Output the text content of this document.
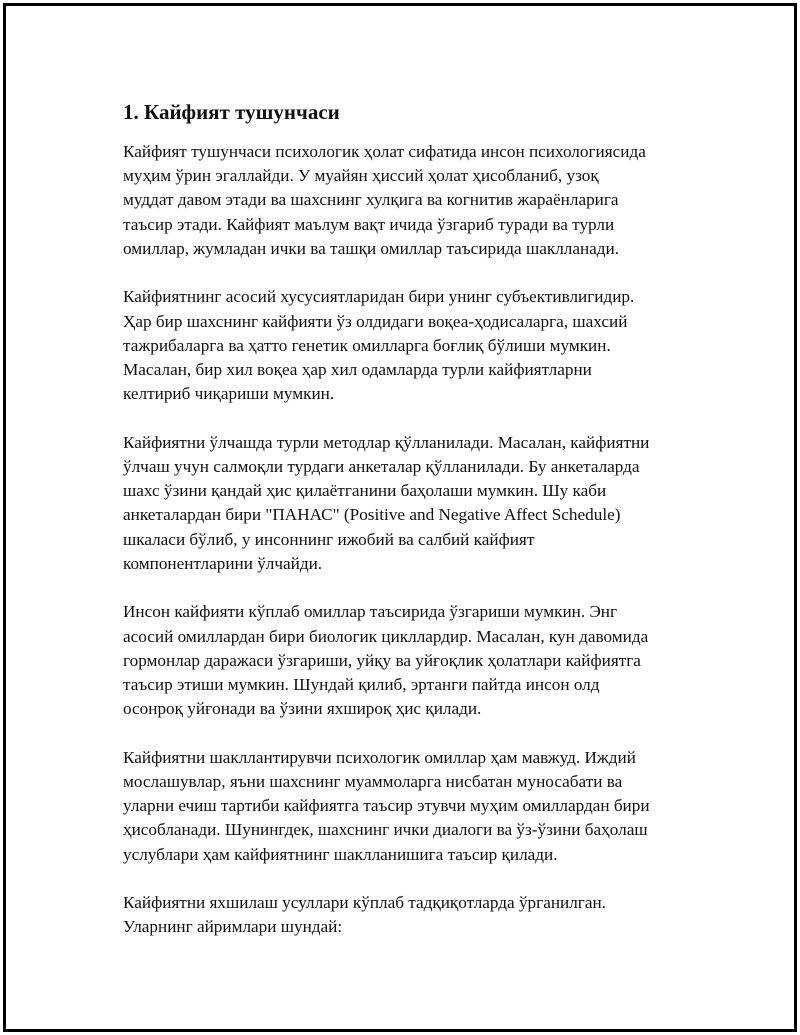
1. Кайфият тушунчаси

Кайфият тушунчаси психологик ҳолат сифатида инсон психологиясида
муҳим ўрин эгаллайди. У муайян ҳиссий ҳолат ҳисобланиб, узоқ
муддат давом этади ва шахснинг хулқига ва когнитив жараёнларига
таъсир этади. Кайфият маълум вақт ичида ўзгариб туради ва турли
омиллар, жумладан ички ва ташқи омиллар таъсирида шаклланади.

Кайфиятнинг асосий хусусиятларидан бири унинг субъективлигидир.
Ҳар бир шахснинг кайфияти ўз олдидаги воқеа-ҳодисаларга, шахсий
тажрибаларга ва ҳатто генетик омилларга боғлиқ бўлиши мумкин.
Масалан, бир хил воқеа ҳар хил одамларда турли кайфиятларни
келтириб чиқариши мумкин.

Кайфиятни ўлчашда турли методлар қўлланилади. Масалан, кайфиятни
ўлчаш учун салмоқли турдаги анкеталар қўлланилади. Бу анкеталарда
шахс ўзини қандай ҳис қилаётганини баҳолаши мумкин. Шу каби
анкеталардан бири "ПАНАС" (Positive and Negative Affect Schedule)
шкаласи бўлиб, у инсоннинг ижобий ва салбий кайфият
компонентларини ўлчайди.

Инсон кайфияти кўплаб омиллар таъсирида ўзгариши мумкин. Энг
асосий омиллардан бири биологик цикллардир. Масалан, кун давомида
гормонлар даражаси ўзгариши, уйқу ва уйғоқлик ҳолатлари кайфиятга
таъсир этиши мумкин. Шундай қилиб, эртанги пайтда инсон олд
осонроқ уйғонади ва ўзини яхшироқ ҳис қилади.

Кайфиятни шакллантирувчи психологик омиллар ҳам мавжуд. Иждий
мослашувлар, яъни шахснинг муаммоларга нисбатан муносабати ва
уларни ечиш тартиби кайфиятга таъсир этувчи муҳим омиллардан бири
ҳисобланади. Шунингдек, шахснинг ички диалоги ва ўз-ўзини баҳолаш
услублари ҳам кайфиятнинг шаклланишига таъсир қилади.

Кайфиятни яхшилаш усуллари кўплаб тадқиқотларда ўрганилган.
Уларнинг айримлари шундай:
